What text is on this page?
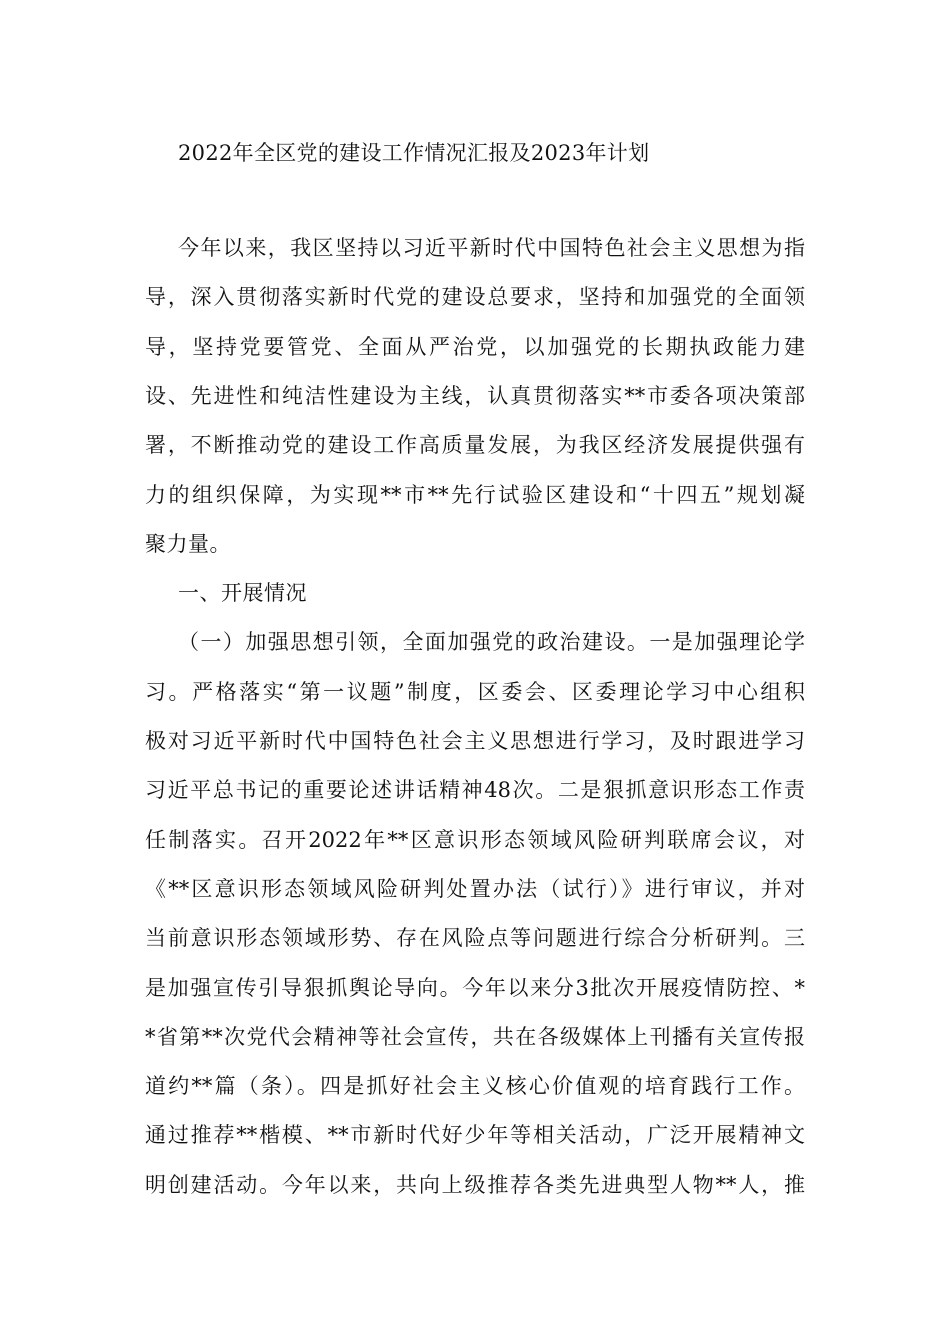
2022年全区党的建设工作情况汇报及2023年计划
今年以来，我区坚持以习近平新时代中国特色社会主义思想为指
导，深入贯彻落实新时代党的建设总要求，坚持和加强党的全面领
导，坚持党要管党、全面从严治党，以加强党的长期执政能力建
设、先进性和纯洁性建设为主线，认真贯彻落实**市委各项决策部
署，不断推动党的建设工作高质量发展，为我区经济发展提供强有
力的组织保障，为实现**市**先行试验区建设和“十四五”规划凝
聚力量。
一、开展情况
（一）加强思想引领，全面加强党的政治建设。一是加强理论学
习。严格落实“第一议题”制度，区委会、区委理论学习中心组积
极对习近平新时代中国特色社会主义思想进行学习，及时跟进学习
习近平总书记的重要论述讲话精神48次。二是狠抓意识形态工作责
任制落实。召开2022年**区意识形态领域风险研判联席会议，对
《**区意识形态领域风险研判处置办法（试行）》进行审议，并对
当前意识形态领域形势、存在风险点等问题进行综合分析研判。三
是加强宣传引导狠抓舆论导向。今年以来分3批次开展疫情防控、*
*省第**次党代会精神等社会宣传，共在各级媒体上刊播有关宣传报
道约**篇（条）。四是抓好社会主义核心价值观的培育践行工作。
通过推荐**楷模、**市新时代好少年等相关活动，广泛开展精神文
明创建活动。今年以来，共向上级推荐各类先进典型人物**人，推
